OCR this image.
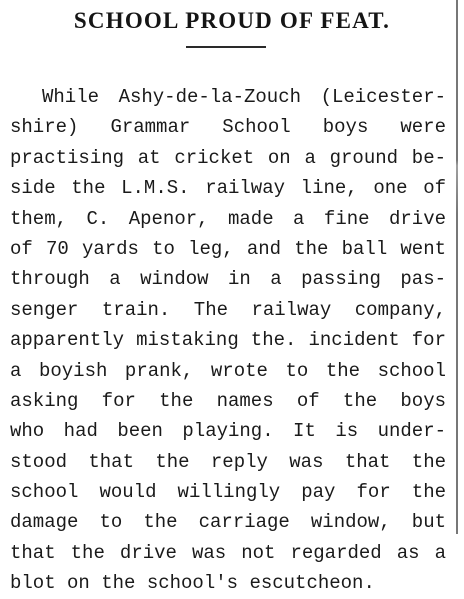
SCHOOL PROUD OF FEAT.
While Ashy-de-la-Zouch (Leicester-
shire) Grammar School boys were
practising at cricket on a ground be-
side the L.M.S. railway line, one of
them, C. Apenor, made a fine drive
of 70 yards to leg, and the ball went
through a window in a passing pas-
senger train. The railway company,
apparently mistaking the. incident for
a boyish prank, wrote to the school
asking for the names of the boys
who had been playing. It is under-
stood that the reply was that the
school would willingly pay for the
damage to the carriage window, but
that the drive was not regarded as a
blot on the school's escutcheon.
